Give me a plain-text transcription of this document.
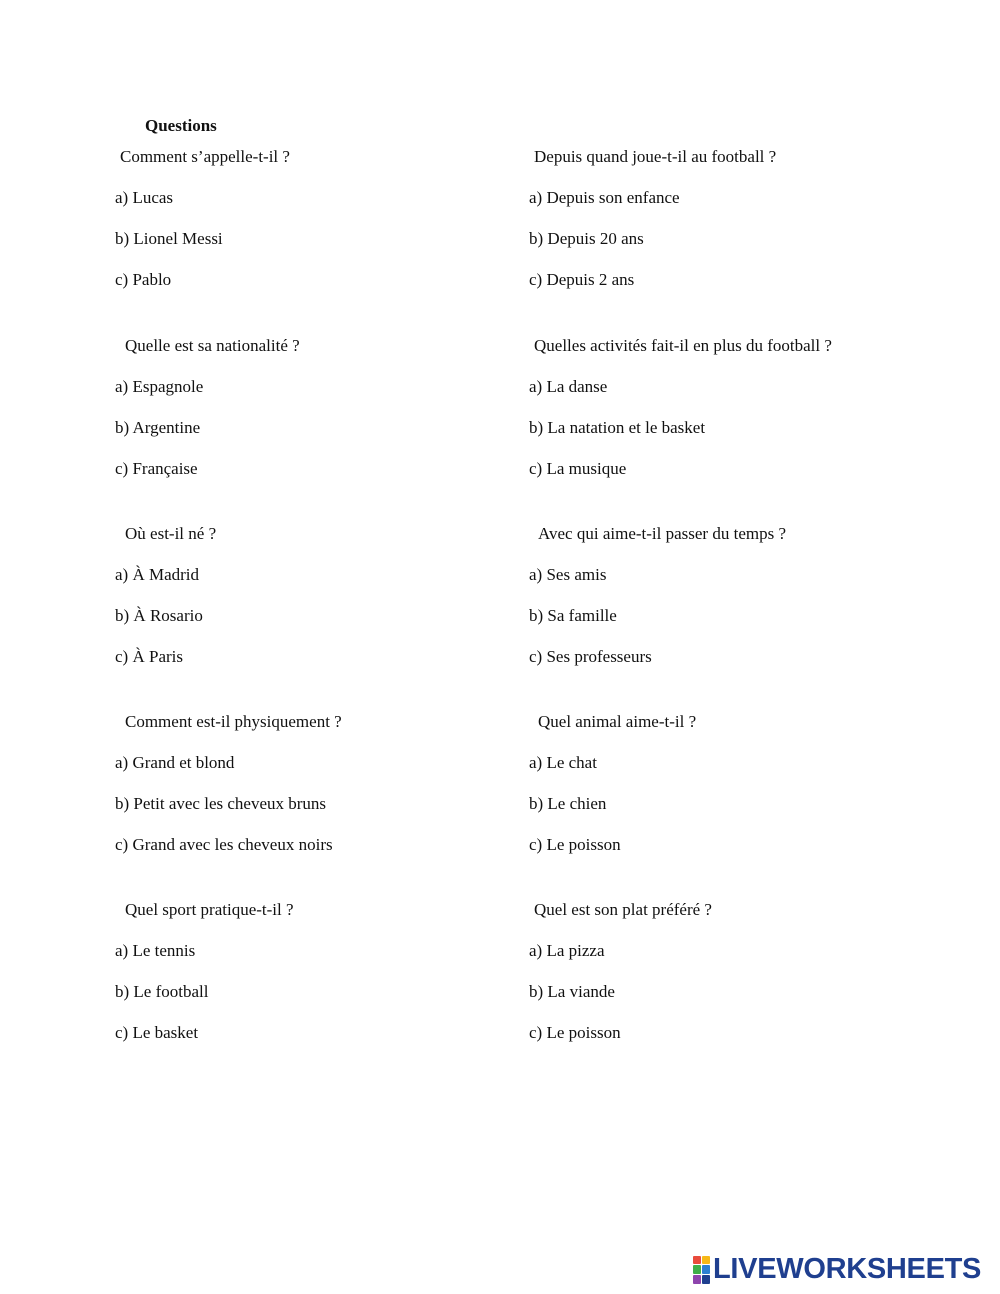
Questions
Comment s’appelle-t-il ?
a) Lucas
b) Lionel Messi
c) Pablo
Quelle est sa nationalité ?
a) Espagnole
b) Argentine
c) Française
Où est-il né ?
a) À Madrid
b) À Rosario
c) À Paris
Comment est-il physiquement ?
a) Grand et blond
b) Petit avec les cheveux bruns
c) Grand avec les cheveux noirs
Quel sport pratique-t-il ?
a) Le tennis
b) Le football
c) Le basket
Depuis quand joue-t-il au football ?
a) Depuis son enfance
b) Depuis 20 ans
c) Depuis 2 ans
Quelles activités fait-il en plus du football ?
a) La danse
b) La natation et le basket
c) La musique
Avec qui aime-t-il passer du temps ?
a) Ses amis
b) Sa famille
c) Ses professeurs
Quel animal aime-t-il ?
a) Le chat
b) Le chien
c) Le poisson
Quel est son plat préféré ?
a) La pizza
b) La viande
c) Le poisson
LIVEWORKSHEETS
